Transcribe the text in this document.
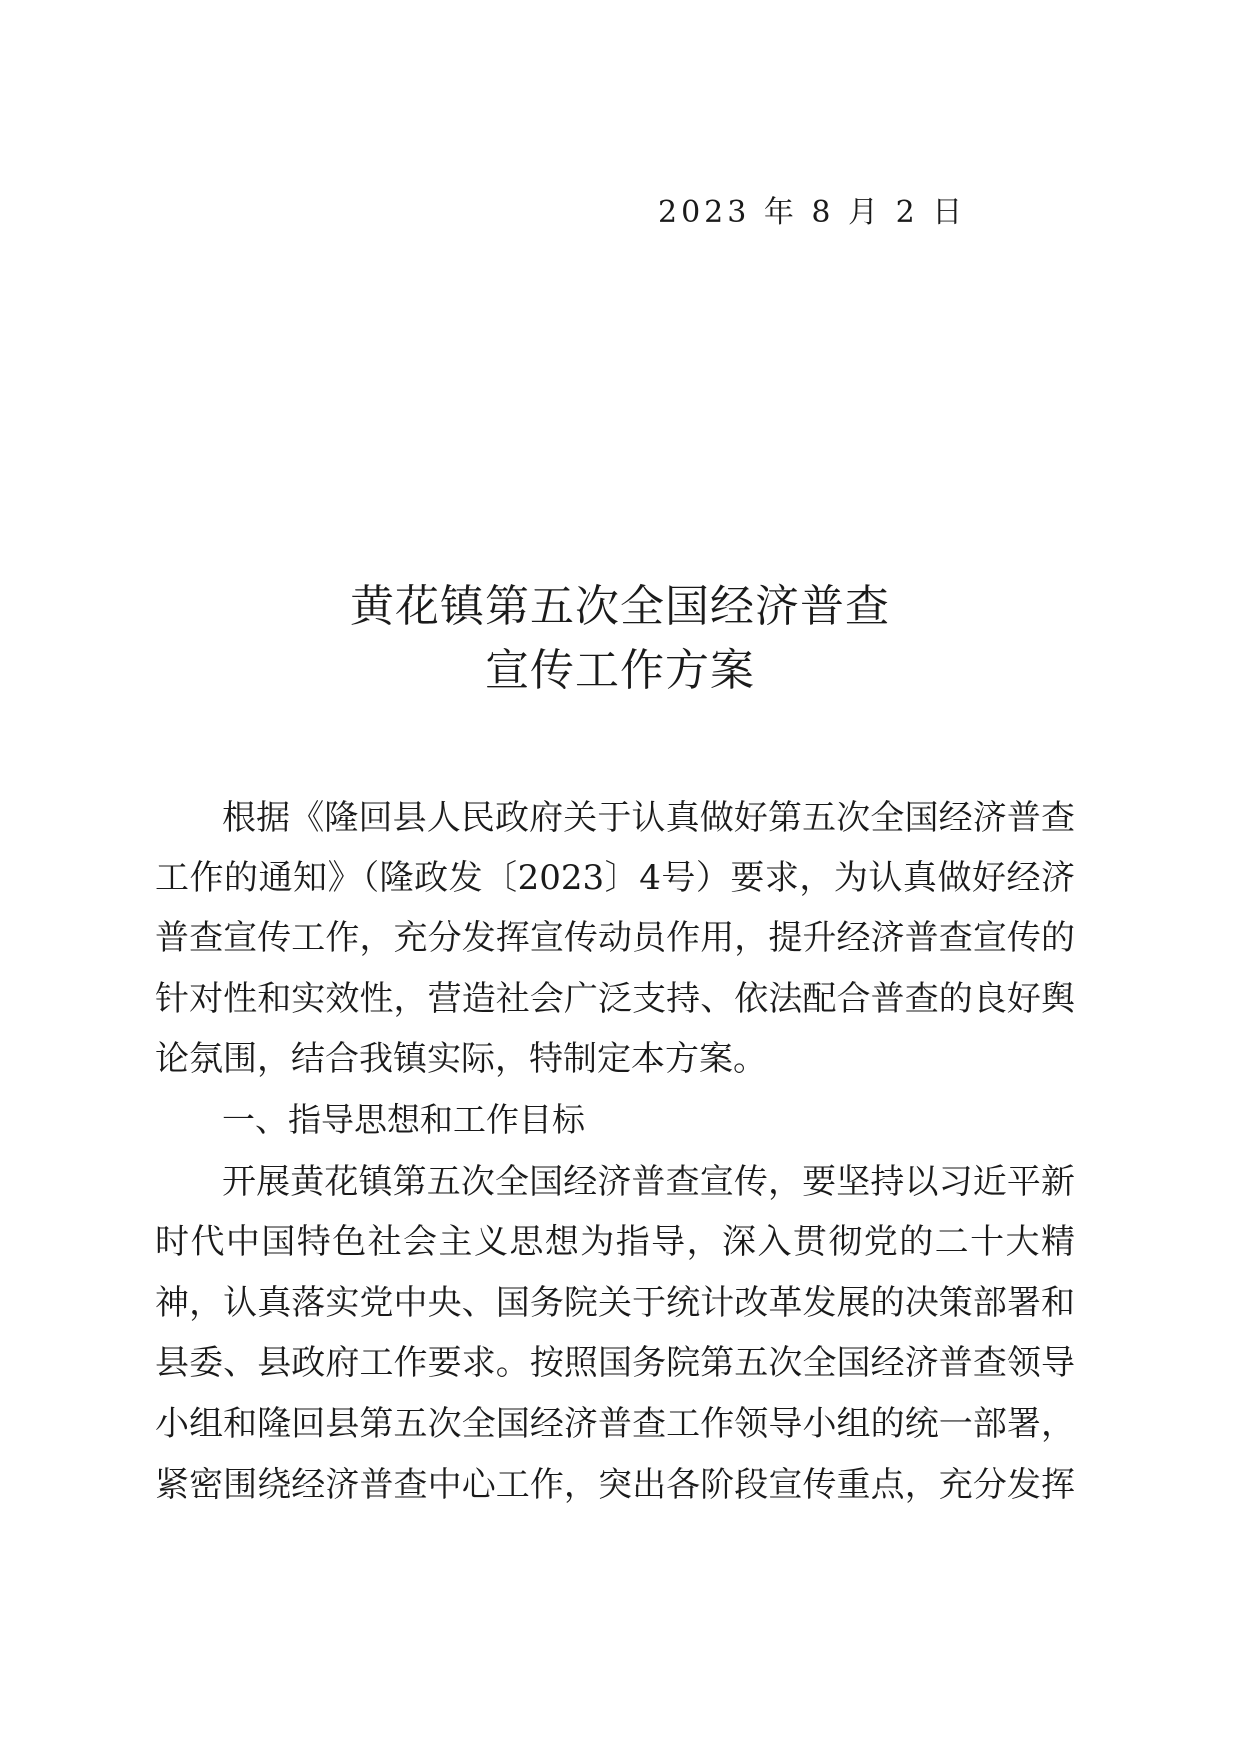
2023 年 8 月 2 日
黄花镇第五次全国经济普查
宣传工作方案
根据《隆回县人民政府关于认真做好第五次全国经济普查
工作的通知》（隆政发〔2023〕4号）要求，为认真做好经济
普查宣传工作，充分发挥宣传动员作用，提升经济普查宣传的
针对性和实效性，营造社会广泛支持、依法配合普查的良好舆
论氛围，结合我镇实际，特制定本方案。
一、指导思想和工作目标
开展黄花镇第五次全国经济普查宣传，要坚持以习近平新
时代中国特色社会主义思想为指导，深入贯彻党的二十大精
神，认真落实党中央、国务院关于统计改革发展的决策部署和
县委、县政府工作要求。按照国务院第五次全国经济普查领导
小组和隆回县第五次全国经济普查工作领导小组的统一部署，
紧密围绕经济普查中心工作，突出各阶段宣传重点，充分发挥
